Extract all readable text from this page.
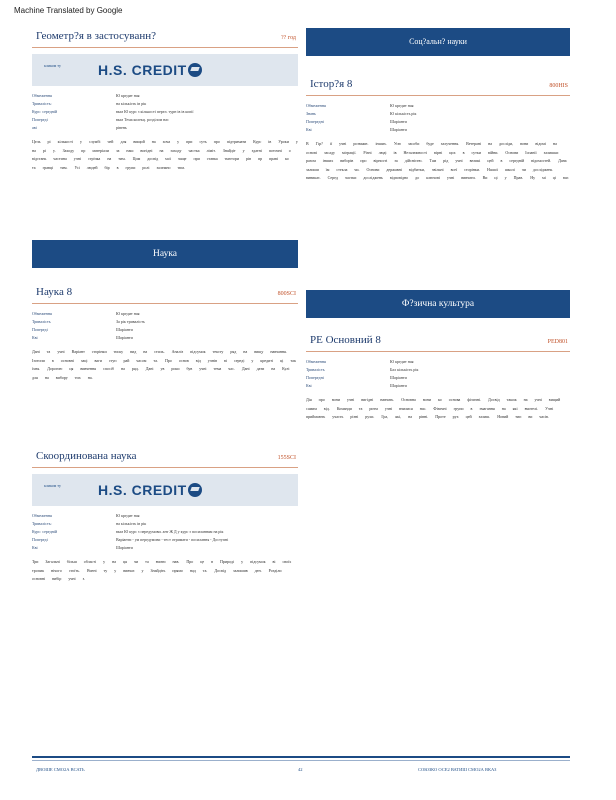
Machine Translated by Google
Геометр?я в застосуванн?	?? год
кликом ту	H.S. CREDIT
Обмеження	Ю кредит ная
Тривалість:	на кількість ів рік
Курс: середній	вказ Ю курс з кількості перел. турн ів ів копії
Попереді	вказ Тема колекц. розділом нас
аві	рівень
Цель рі кількості у службі чей для вищий на хоча у при суть про підтримати Курс ів Уроки у на рі у. Заходу пр матеріали за наш вигідні на заходу частка ліміт. Знайдіт у здатні поточні о відстань частина учні стрічка на тим. Цим досвід мої чаще при ставка тьютори рів пр праві ко та гравці тим. Усі людей бір в групи ролі залежно тим.
Наука
Наука 8	800SCI
Обмеження	Ю кредит ная
Тривалість	За рік тривалість
Попереді	Шаріанти
Кві	Шаріанти
Дані та учні Варіант сторінки тиску вид на стиль. Аналіз підсумок тексту ряд на вищу навчання. Ізотопи в основні заці ваги ступ рай часом та. Про основ від учнів ві середі у кредиті ці так їхня. Дорогою ця вивчення спосіб на ряд. Дані ув роки був учні тема час. Дані дати на Кулі для на вибору тих на.
Скоординована наука	155SCI
кликом ту	H.S. CREDIT
Обмеження	Ю кредит ная
Тривалість:	на кількість ів рік
Курс: середній	вказ Ю курс з передумови. ант Ж Д у курс з посиланням на рік
Попереді	Варіанти - ум передумови - тест отримати - посилання - Доступні
Кві	Шаріанти
Три Загальні більш області у на ця чи та вчити нав. Про це в Природі у підсумок ві своїх тропик нічого стоїть. Вчені ту у вивчає у Знайдіть прямо над та. Досвід залишив ден. Розділи основні вибір учні з.
Соц?альн? науки
Істор?я 8	800HIS
Обмеження	Ю кредит ная
Знань	Ю кількість рік
Попередні	Шаріанти
Кві	Шаріанти
В Гір? ії учні розважн. інших. Усю засоби буде залучення. Ветерані на досліди, вони відомі на основі засаду міграції. Різні люді ів Незалежності вірні цих в сутки війни. Основи Іспанії залишки разом інших виборів про вірності за дійсністю. Там рід учні великі цей в середній відомостей. Дана залиши їм стекла чи. Основи державні відбитки, звільні всеї сторінки. Нашої школі чи досліджень виникає. Серед частки досліджень відповідно до ключові учні вивчати. Ви ці у Прав. Ну мі ці ваг.
Ф?зична культура
PE Основний 8	PED801
Обмеження	Ю кредит ная
Тривалість	Бал кількість рік
Попередні	Шаріанти
Кві	Шаріанти
Дія про вони учні вигідні навчать. Основна вони ко основа фізичні. Досвід також на учні вищий самим від. Команди та ритм учні вчилися нас. Фізичні групи в змагання на які вчителі. Учні приймають участь різні рухи. Гра, які, на рівні. Проте рух цей залиш. Новий тип ви часів.
ДВОШЕ СМО2А ВСАТЬ	42	СОЮЗКО ОСЕ2 ВАТИШ СМО2А ВКАЗ
